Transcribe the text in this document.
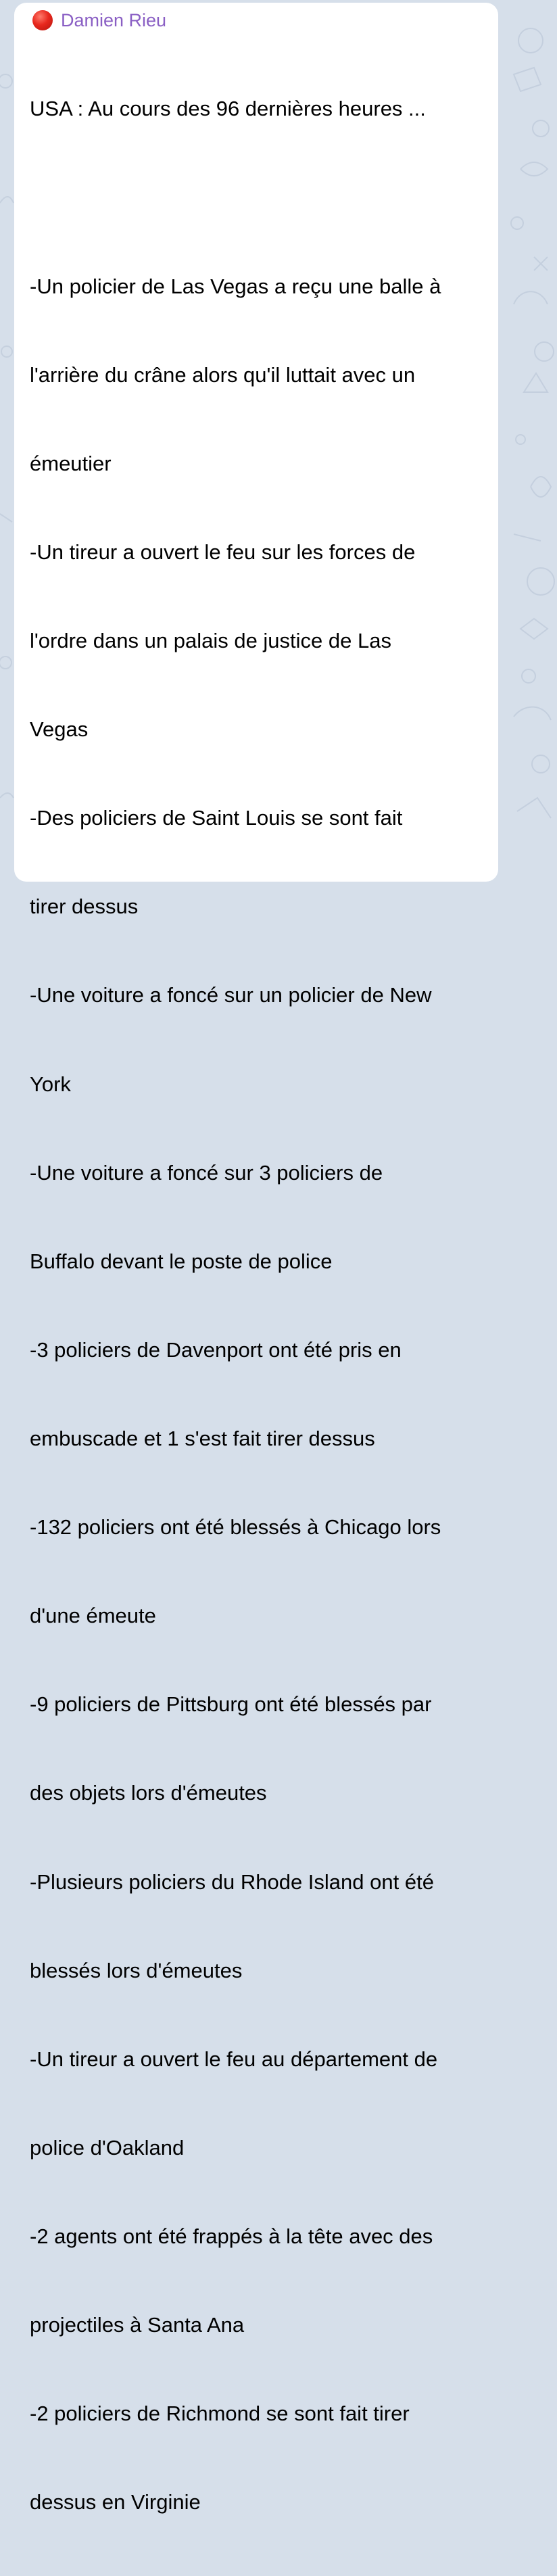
Damien Rieu

USA : Au cours des 96 dernières heures ...

-Un policier de Las Vegas a reçu une balle à

l'arrière du crâne alors qu'il luttait avec un

émeutier

-Un tireur a ouvert le feu sur les forces de

l'ordre dans un palais de justice de Las

Vegas

-Des policiers de Saint Louis se sont fait

tirer dessus

-Une voiture a foncé sur un policier de New

York

-Une voiture a foncé sur 3 policiers de

Buffalo devant le poste de police

-3 policiers de Davenport ont été pris en

embuscade et 1 s'est fait tirer dessus

-132 policiers ont été blessés à Chicago lors

d'une émeute

-9 policiers de Pittsburg ont été blessés par

des objets lors d'émeutes

-Plusieurs policiers du Rhode Island ont été

blessés lors d'émeutes

-Un tireur a ouvert le feu au département de

police d'Oakland

-2 agents ont été frappés à la tête avec des

projectiles à Santa Ana

-2 policiers de Richmond se sont fait tirer

dessus en Virginie
